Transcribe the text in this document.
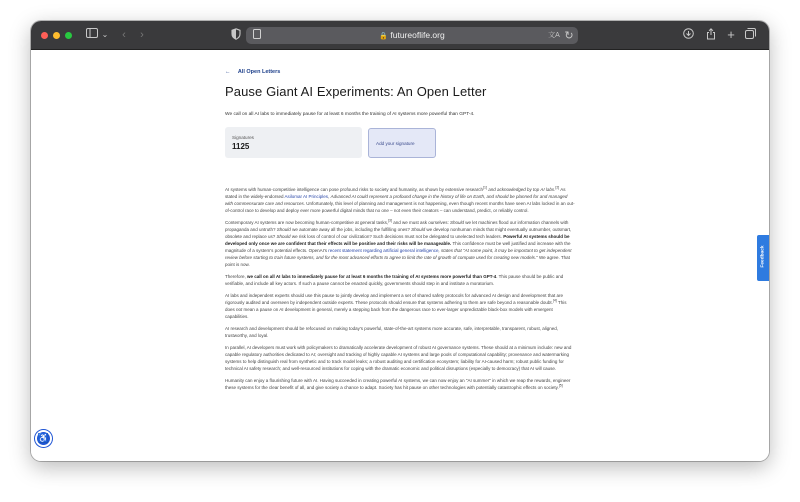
⌄ ‹ ›	🔒 futureoflife.org	文A ↻	+
← All Open Letters
Pause Giant AI Experiments: An Open Letter
We call on all AI labs to immediately pause for at least 6 months the training of AI systems more powerful than GPT-4.
Signatures
1125	Add your signature

AI systems with human-competitive intelligence can pose profound risks to society and humanity, as shown by extensive research[1] and acknowledged by top AI labs.[2] As stated in the widely-endorsed Asilomar AI Principles, Advanced AI could represent a profound change in the history of life on Earth, and should be planned for and managed with commensurate care and resources. Unfortunately, this level of planning and management is not happening, even though recent months have seen AI labs locked in an out-of-control race to develop and deploy ever more powerful digital minds that no one – not even their creators – can understand, predict, or reliably control.

Contemporary AI systems are now becoming human-competitive at general tasks,[3] and we must ask ourselves: Should we let machines flood our information channels with propaganda and untruth? Should we automate away all the jobs, including the fulfilling ones? Should we develop nonhuman minds that might eventually outnumber, outsmart, obsolete and replace us? Should we risk loss of control of our civilization? Such decisions must not be delegated to unelected tech leaders. Powerful AI systems should be developed only once we are confident that their effects will be positive and their risks will be manageable. This confidence must be well justified and increase with the magnitude of a system's potential effects. OpenAI's recent statement regarding artificial general intelligence, states that "At some point, it may be important to get independent review before starting to train future systems, and for the most advanced efforts to agree to limit the rate of growth of compute used for creating new models." We agree. That point is now.

Therefore, we call on all AI labs to immediately pause for at least 6 months the training of AI systems more powerful than GPT-4. This pause should be public and verifiable, and include all key actors. If such a pause cannot be enacted quickly, governments should step in and institute a moratorium.

AI labs and independent experts should use this pause to jointly develop and implement a set of shared safety protocols for advanced AI design and development that are rigorously audited and overseen by independent outside experts. These protocols should ensure that systems adhering to them are safe beyond a reasonable doubt.[4] This does not mean a pause on AI development in general, merely a stepping back from the dangerous race to ever-larger unpredictable black-box models with emergent capabilities.

AI research and development should be refocused on making today's powerful, state-of-the-art systems more accurate, safe, interpretable, transparent, robust, aligned, trustworthy, and loyal.

In parallel, AI developers must work with policymakers to dramatically accelerate development of robust AI governance systems. These should at a minimum include: new and capable regulatory authorities dedicated to AI; oversight and tracking of highly capable AI systems and large pools of computational capability; provenance and watermarking systems to help distinguish real from synthetic and to track model leaks; a robust auditing and certification ecosystem; liability for AI-caused harm; robust public funding for technical AI safety research; and well-resourced institutions for coping with the dramatic economic and political disruptions (especially to democracy) that AI will cause.

Humanity can enjoy a flourishing future with AI. Having succeeded in creating powerful AI systems, we can now enjoy an "AI summer" in which we reap the rewards, engineer these systems for the clear benefit of all, and give society a chance to adapt. Society has hit pause on other technologies with potentially catastrophic effects on society.[5]

Feedback
♿
